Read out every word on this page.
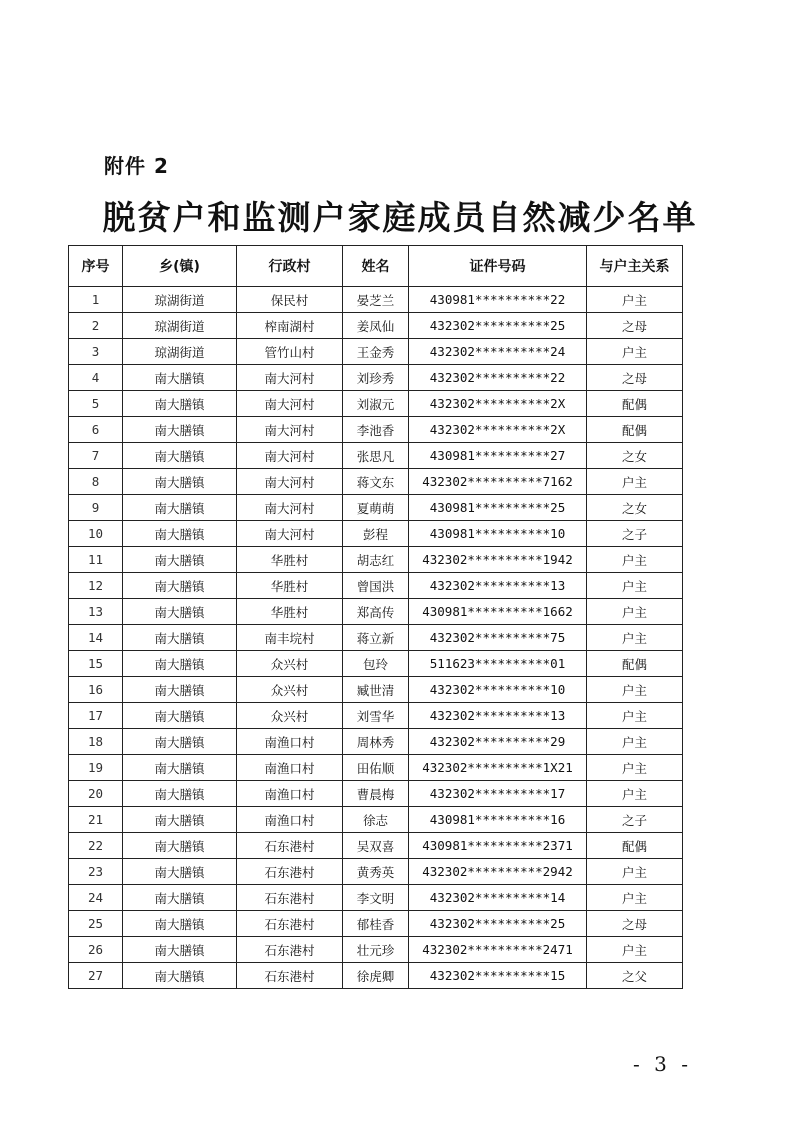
附件 2
脱贫户和监测户家庭成员自然减少名单
序号	乡(镇)	行政村	姓名	证件号码	与户主关系
1	琼湖街道	保民村	晏芝兰	430981**********22	户主
2	琼湖街道	榨南湖村	姜凤仙	432302**********25	之母
3	琼湖街道	管竹山村	王金秀	432302**********24	户主
4	南大膳镇	南大河村	刘珍秀	432302**********22	之母
5	南大膳镇	南大河村	刘淑元	432302**********2X	配偶
6	南大膳镇	南大河村	李池香	432302**********2X	配偶
7	南大膳镇	南大河村	张思凡	430981**********27	之女
8	南大膳镇	南大河村	蒋文东	432302**********7162	户主
9	南大膳镇	南大河村	夏萌萌	430981**********25	之女
10	南大膳镇	南大河村	彭程	430981**********10	之子
11	南大膳镇	华胜村	胡志红	432302**********1942	户主
12	南大膳镇	华胜村	曾国洪	432302**********13	户主
13	南大膳镇	华胜村	郑高传	430981**********1662	户主
14	南大膳镇	南丰垸村	蒋立新	432302**********75	户主
15	南大膳镇	众兴村	包玲	511623**********01	配偶
16	南大膳镇	众兴村	臧世清	432302**********10	户主
17	南大膳镇	众兴村	刘雪华	432302**********13	户主
18	南大膳镇	南渔口村	周林秀	432302**********29	户主
19	南大膳镇	南渔口村	田佑顺	432302**********1X21	户主
20	南大膳镇	南渔口村	曹晨梅	432302**********17	户主
21	南大膳镇	南渔口村	徐志	430981**********16	之子
22	南大膳镇	石东港村	吴双喜	430981**********2371	配偶
23	南大膳镇	石东港村	黄秀英	432302**********2942	户主
24	南大膳镇	石东港村	李文明	432302**********14	户主
25	南大膳镇	石东港村	郁桂香	432302**********25	之母
26	南大膳镇	石东港村	壮元珍	432302**********2471	户主
27	南大膳镇	石东港村	徐虎卿	432302**********15	之父
- 3 -
